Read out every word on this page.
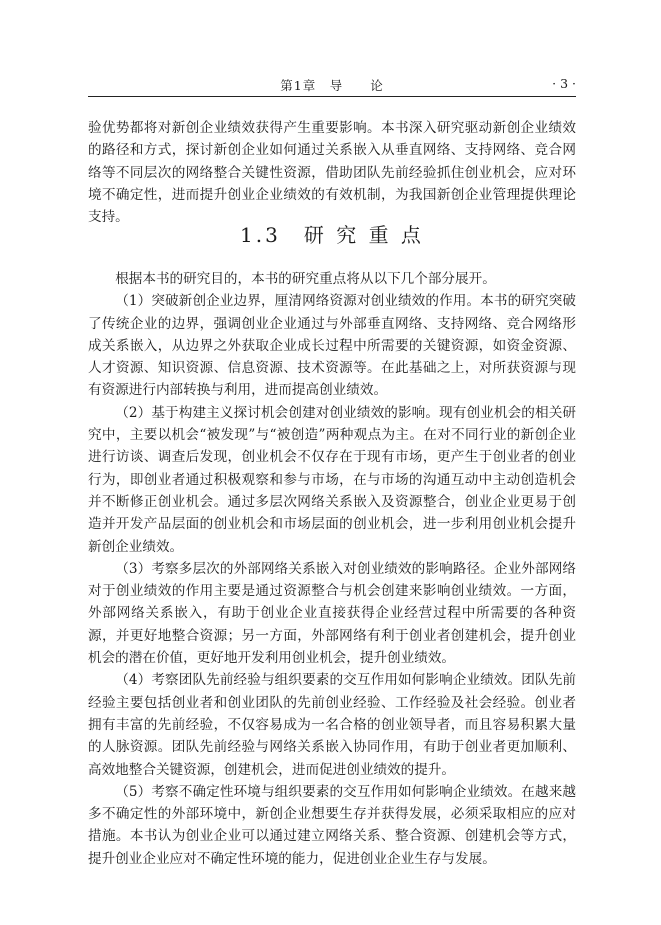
第1章　导　　论	· 3 ·

验优势都将对新创企业绩效获得产生重要影响。本书深入研究驱动新创企业绩效的路径和方式，探讨新创企业如何通过关系嵌入从垂直网络、支持网络、竞合网络等不同层次的网络整合关键性资源，借助团队先前经验抓住创业机会，应对环境不确定性，进而提升创业企业绩效的有效机制，为我国新创企业管理提供理论支持。

1.3　研 究 重 点

根据本书的研究目的，本书的研究重点将从以下几个部分展开。

（1）突破新创企业边界，厘清网络资源对创业绩效的作用。本书的研究突破了传统企业的边界，强调创业企业通过与外部垂直网络、支持网络、竞合网络形成关系嵌入，从边界之外获取企业成长过程中所需要的关键资源，如资金资源、人才资源、知识资源、信息资源、技术资源等。在此基础之上，对所获资源与现有资源进行内部转换与利用，进而提高创业绩效。

（2）基于构建主义探讨机会创建对创业绩效的影响。现有创业机会的相关研究中，主要以机会“被发现”与“被创造”两种观点为主。在对不同行业的新创企业进行访谈、调查后发现，创业机会不仅存在于现有市场，更产生于创业者的创业行为，即创业者通过积极观察和参与市场，在与市场的沟通互动中主动创造机会并不断修正创业机会。通过多层次网络关系嵌入及资源整合，创业企业更易于创造并开发产品层面的创业机会和市场层面的创业机会，进一步利用创业机会提升新创企业绩效。

（3）考察多层次的外部网络关系嵌入对创业绩效的影响路径。企业外部网络对于创业绩效的作用主要是通过资源整合与机会创建来影响创业绩效。一方面，外部网络关系嵌入，有助于创业企业直接获得企业经营过程中所需要的各种资源，并更好地整合资源；另一方面，外部网络有利于创业者创建机会，提升创业机会的潜在价值，更好地开发利用创业机会，提升创业绩效。

（4）考察团队先前经验与组织要素的交互作用如何影响企业绩效。团队先前经验主要包括创业者和创业团队的先前创业经验、工作经验及社会经验。创业者拥有丰富的先前经验，不仅容易成为一名合格的创业领导者，而且容易积累大量的人脉资源。团队先前经验与网络关系嵌入协同作用，有助于创业者更加顺利、高效地整合关键资源，创建机会，进而促进创业绩效的提升。

（5）考察不确定性环境与组织要素的交互作用如何影响企业绩效。在越来越多不确定性的外部环境中，新创企业想要生存并获得发展，必须采取相应的应对措施。本书认为创业企业可以通过建立网络关系、整合资源、创建机会等方式，提升创业企业应对不确定性环境的能力，促进创业企业生存与发展。
